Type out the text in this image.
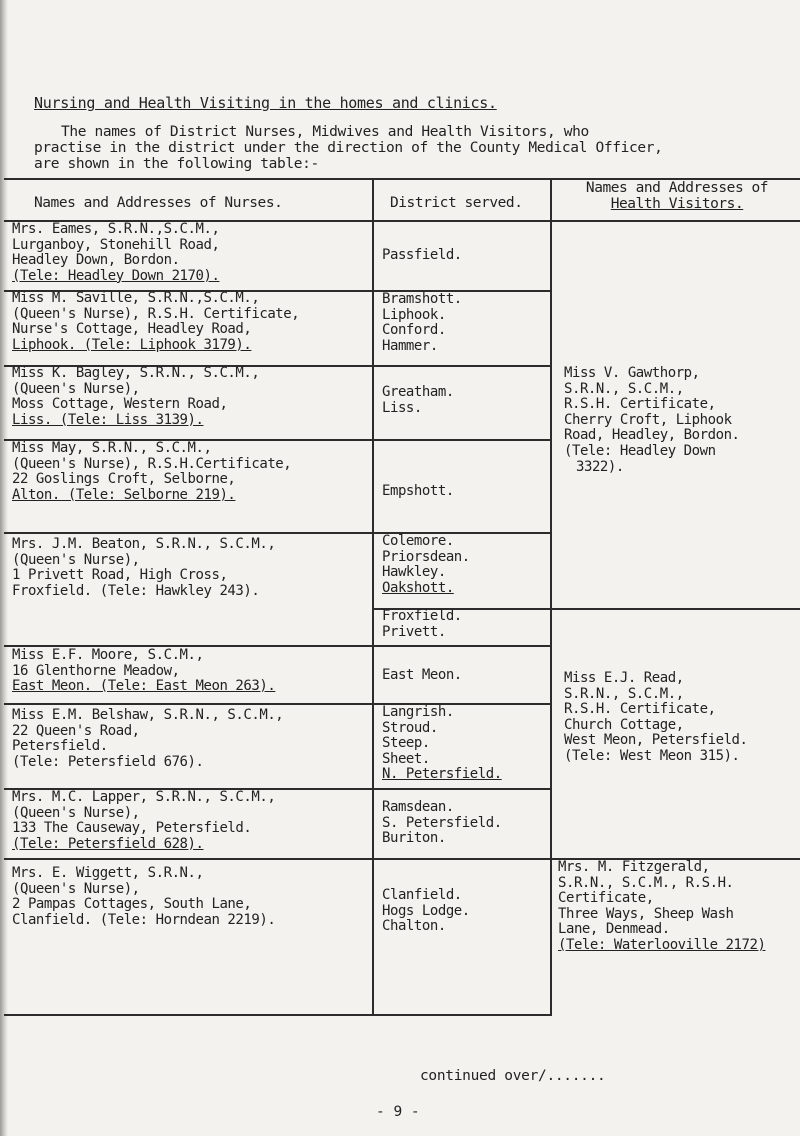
Nursing and Health Visiting in the homes and clinics.
The names of District Nurses, Midwives and Health Visitors, who
practise in the district under the direction of the County Medical Officer,
are shown in the following table:-
Names and Addresses of Nurses.	District served.
Names and Addresses of
Health Visitors.
Mrs. Eames, S.R.N.,S.C.M.,
Lurganboy, Stonehill Road,
Headley Down, Bordon.
(Tele: Headley Down 2170).
Passfield.
Miss M. Saville, S.R.N.,S.C.M.,
(Queen's Nurse), R.S.H. Certificate,
Nurse's Cottage, Headley Road,
Liphook. (Tele: Liphook 3179).
Bramshott.
Liphook.
Conford.
Hammer.
Miss K. Bagley, S.R.N., S.C.M.,
(Queen's Nurse),
Moss Cottage, Western Road,
Liss. (Tele: Liss 3139).
Greatham.
Liss.
Miss May, S.R.N., S.C.M.,
(Queen's Nurse), R.S.H.Certificate,
22 Goslings Croft, Selborne,
Alton. (Tele: Selborne 219).	Empshott.
Mrs. J.M. Beaton, S.R.N., S.C.M.,
(Queen's Nurse),
1 Privett Road, High Cross,
Froxfield. (Tele: Hawkley 243).
Colemore.
Priorsdean.
Hawkley.
Oakshott.
Froxfield.
Privett.
Miss E.F. Moore, S.C.M.,
16 Glenthorne Meadow,
East Meon. (Tele: East Meon 263).
East Meon.
Miss E.M. Belshaw, S.R.N., S.C.M.,
22 Queen's Road,
Petersfield.
(Tele: Petersfield 676).
Langrish.
Stroud.
Steep.
Sheet.
N. Petersfield.
Mrs. M.C. Lapper, S.R.N., S.C.M.,
(Queen's Nurse),
133 The Causeway, Petersfield.
(Tele: Petersfield 628).
Ramsdean.
S. Petersfield.
Buriton.
Mrs. E. Wiggett, S.R.N.,
(Queen's Nurse),
2 Pampas Cottages, South Lane,
Clanfield. (Tele: Horndean 2219).
Clanfield.
Hogs Lodge.
Chalton.
Miss V. Gawthorp,
S.R.N., S.C.M.,
R.S.H. Certificate,
Cherry Croft, Liphook
Road, Headley, Bordon.
(Tele: Headley Down
3322).
Miss E.J. Read,
S.R.N., S.C.M.,
R.S.H. Certificate,
Church Cottage,
West Meon, Petersfield.
(Tele: West Meon 315).
Mrs. M. Fitzgerald,
S.R.N., S.C.M., R.S.H.
Certificate,
Three Ways, Sheep Wash
Lane, Denmead.
(Tele: Waterlooville 2172)
continued over/.......
- 9 -
